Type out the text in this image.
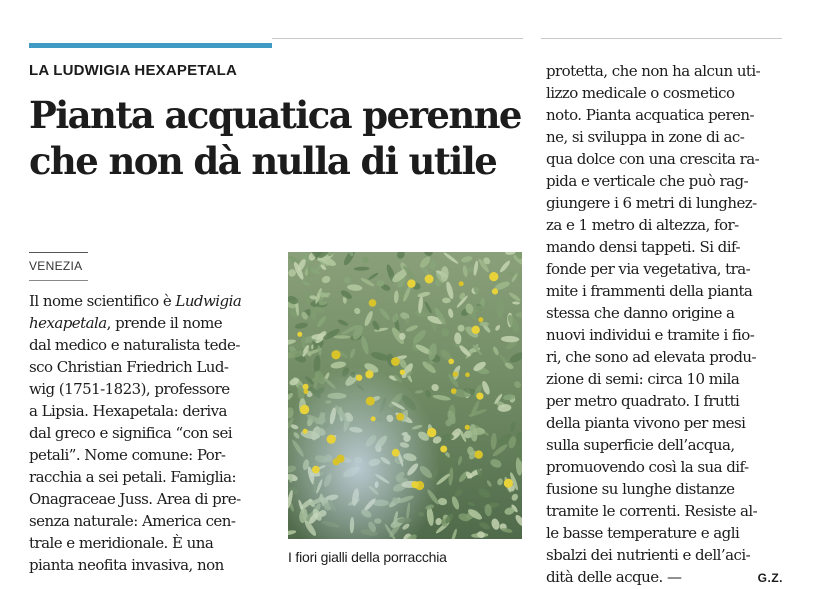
LA LUDWIGIA HEXAPETALA
Pianta acquatica perenne
che non dà nulla di utile
VENEZIA
Il nome scientifico è Ludwigia
hexapetala, prende il nome
dal medico e naturalista tede-
sco Christian Friedrich Lud-
wig (1751-1823), professore
a Lipsia. Hexapetala: deriva
dal greco e significa “con sei
petali”. Nome comune: Por-
racchia a sei petali. Famiglia:
Onagraceae Juss. Area di pre-
senza naturale: America cen-
trale e meridionale. È una
pianta neofita invasiva, non	I fiori gialli della porracchia
protetta, che non ha alcun uti-
lizzo medicale o cosmetico
noto. Pianta acquatica peren-
ne, si sviluppa in zone di ac-
qua dolce con una crescita ra-
pida e verticale che può rag-
giungere i 6 metri di lunghez-
za e 1 metro di altezza, for-
mando densi tappeti. Si dif-
fonde per via vegetativa, tra-
mite i frammenti della pianta
stessa che danno origine a
nuovi individui e tramite i fio-
ri, che sono ad elevata produ-
zione di semi: circa 10 mila
per metro quadrato. I frutti
della pianta vivono per mesi
sulla superficie dell’acqua,
promuovendo così la sua dif-
fusione su lunghe distanze
tramite le correnti. Resiste al-
le basse temperature e agli
sbalzi dei nutrienti e dell’aci-
dità delle acque. —	G.Z.
